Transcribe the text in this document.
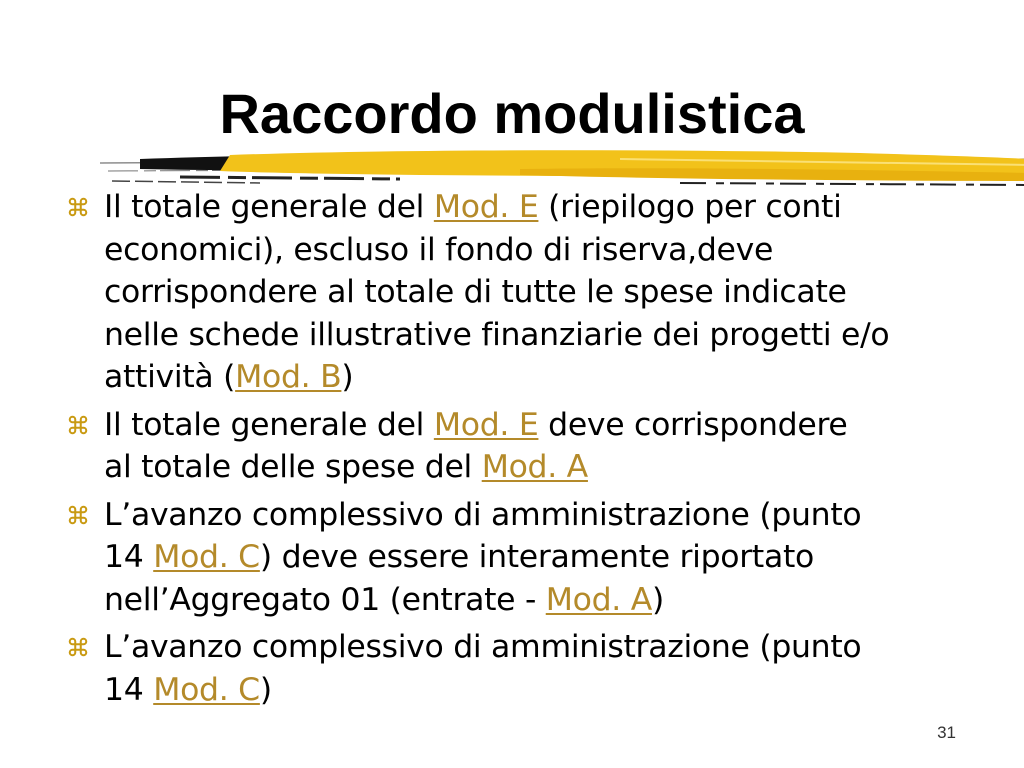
Raccordo modulistica
Il totale generale del Mod. E (riepilogo per conti
economici), escluso il fondo di riserva,deve
corrispondere al totale di tutte le spese indicate
nelle schede illustrative finanziarie dei progetti e/o
attività (Mod. B)
Il totale generale del Mod. E deve corrispondere
al totale delle spese del Mod. A
L’avanzo complessivo di amministrazione (punto
14 Mod. C) deve essere interamente riportato
nell’Aggregato 01 (entrate - Mod. A)
L’avanzo complessivo di amministrazione (punto
14 Mod. C)
31
